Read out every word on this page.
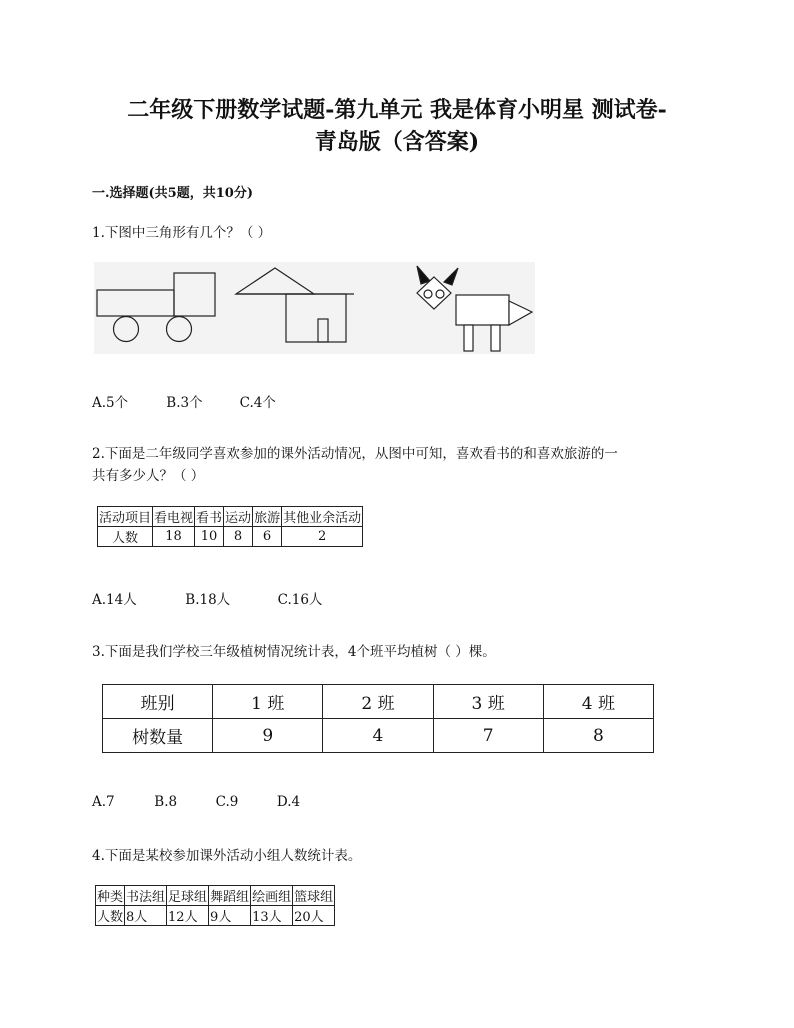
二年级下册数学试题-第九单元 我是体育小明星 测试卷-
青岛版（含答案)
一.选择题(共5题，共10分)
1.下图中三角形有几个？（ ）
A.5个	B.3个	C.4个
2.下面是二年级同学喜欢参加的课外活动情况，从图中可知，喜欢看书的和喜欢旅游的一
共有多少人？（ ）
活动项目	看电视	看书	运动	旅游	其他业余活动
人数	18	10	8	6	2
A.14人	B.18人	C.16人
3.下面是我们学校三年级植树情况统计表，4个班平均植树（ ）棵。
班别	1 班	2 班	3 班	4 班
树数量	9	4	7	8
A.7	B.8	C.9	D.4
4.下面是某校参加课外活动小组人数统计表。
种类	书法组	足球组	舞蹈组	绘画组	篮球组
人数	8人	12人	9人	13人	20人
